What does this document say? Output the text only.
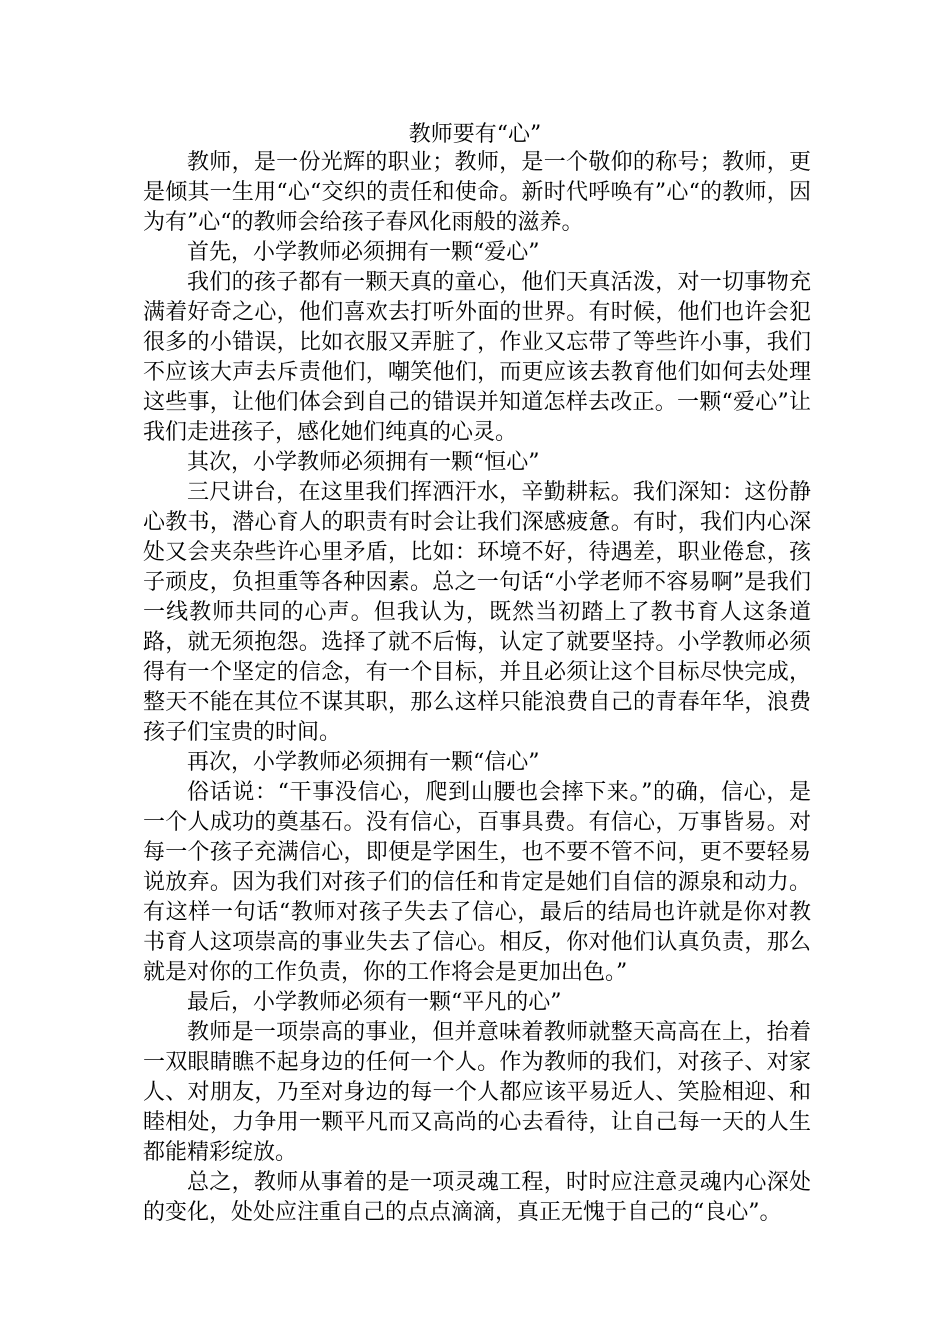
教师要有“心”

教师，是一份光辉的职业；教师，是一个敬仰的称号；教师，更是倾其一生用“心“交织的责任和使命。新时代呼唤有”心“的教师，因为有”心“的教师会给孩子春风化雨般的滋养。

首先，小学教师必须拥有一颗“爱心”

我们的孩子都有一颗天真的童心，他们天真活泼，对一切事物充满着好奇之心，他们喜欢去打听外面的世界。有时候，他们也许会犯很多的小错误，比如衣服又弄脏了，作业又忘带了等些许小事，我们不应该大声去斥责他们，嘲笑他们，而更应该去教育他们如何去处理这些事，让他们体会到自己的错误并知道怎样去改正。一颗“爱心”让我们走进孩子，感化她们纯真的心灵。

其次，小学教师必须拥有一颗“恒心”

三尺讲台，在这里我们挥洒汗水，辛勤耕耘。我们深知：这份静心教书，潜心育人的职责有时会让我们深感疲惫。有时，我们内心深处又会夹杂些许心里矛盾，比如：环境不好，待遇差，职业倦怠，孩子顽皮，负担重等各种因素。总之一句话“小学老师不容易啊”是我们一线教师共同的心声。但我认为，既然当初踏上了教书育人这条道路，就无须抱怨。选择了就不后悔，认定了就要坚持。小学教师必须得有一个坚定的信念，有一个目标，并且必须让这个目标尽快完成，整天不能在其位不谋其职，那么这样只能浪费自己的青春年华，浪费孩子们宝贵的时间。

再次，小学教师必须拥有一颗“信心”

俗话说：“干事没信心，爬到山腰也会摔下来。”的确，信心，是一个人成功的奠基石。没有信心，百事具费。有信心，万事皆易。对每一个孩子充满信心，即便是学困生，也不要不管不问，更不要轻易说放弃。因为我们对孩子们的信任和肯定是她们自信的源泉和动力。有这样一句话“教师对孩子失去了信心，最后的结局也许就是你对教书育人这项崇高的事业失去了信心。相反，你对他们认真负责，那么就是对你的工作负责，你的工作将会是更加出色。”

最后，小学教师必须有一颗“平凡的心”

教师是一项崇高的事业，但并意味着教师就整天高高在上，抬着一双眼睛瞧不起身边的任何一个人。作为教师的我们，对孩子、对家人、对朋友，乃至对身边的每一个人都应该平易近人、笑脸相迎、和睦相处，力争用一颗平凡而又高尚的心去看待，让自己每一天的人生都能精彩绽放。

总之，教师从事着的是一项灵魂工程，时时应注意灵魂内心深处的变化，处处应注重自己的点点滴滴，真正无愧于自己的“良心”。
